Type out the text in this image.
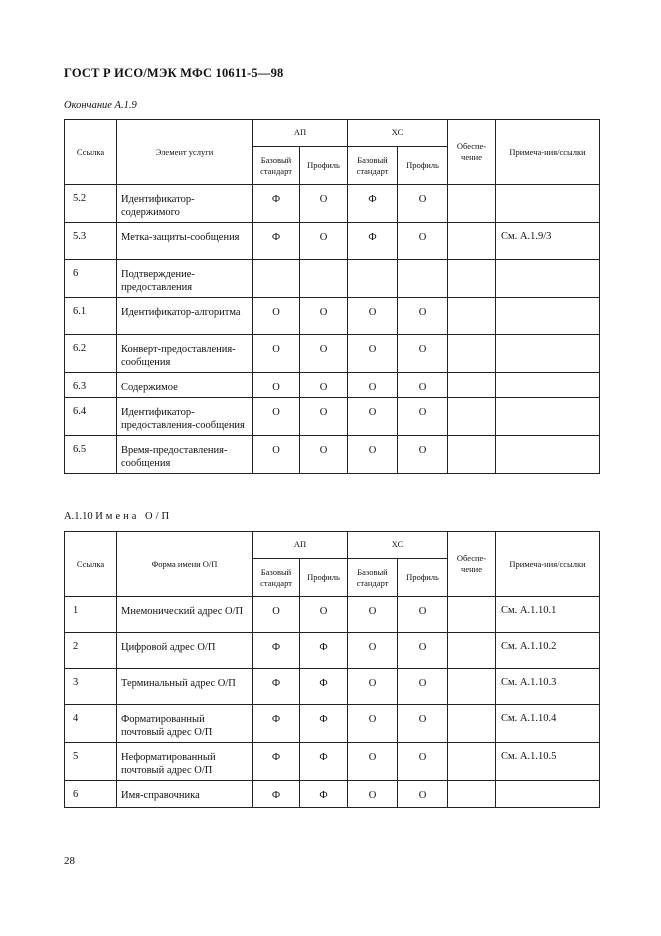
ГОСТ Р ИСО/МЭК МФС 10611-5—98
Окончание А.1.9
Ссылка	Элемент услуги	АП		ХС		Обеспе-чение	Примеча-ния/ссылки
		Базовый стандарт	Профиль	Базовый стандарт	Профиль		
5.2	Идентификатор-содержимого	Ф	О	Ф	О		
5.3	Метка-защиты-сообщения	Ф	О	Ф	О		См. А.1.9/3
6	Подтверждение-предоставления						
6.1	Идентификатор-алгоритма	О	О	О	О		
6.2	Конверт-предоставления-сообщения	О	О	О	О		
6.3	Содержимое	О	О	О	О		
6.4	Идентификатор-предоставления-сообщения	О	О	О	О		
6.5	Время-предоставления-сообщения	О	О	О	О		
А.1.10 Имена О/П
Ссылка	Форма имени О/П	АП		ХС		Обеспе-чение	Примеча-ния/ссылки
		Базовый стандарт	Профиль	Базовый стандарт	Профиль		
1	Мнемонический адрес О/П	О	О	О	О		См. А.1.10.1
2	Цифровой адрес О/П	Ф	Ф	О	О		См. А.1.10.2
3	Терминальный адрес О/П	Ф	Ф	О	О		См. А.1.10.3
4	Форматированный почтовый адрес О/П	Ф	Ф	О	О		См. А.1.10.4
5	Неформатированный почтовый адрес О/П	Ф	Ф	О	О		См. А.1.10.5
6	Имя-справочника	Ф	Ф	О	О		
28
